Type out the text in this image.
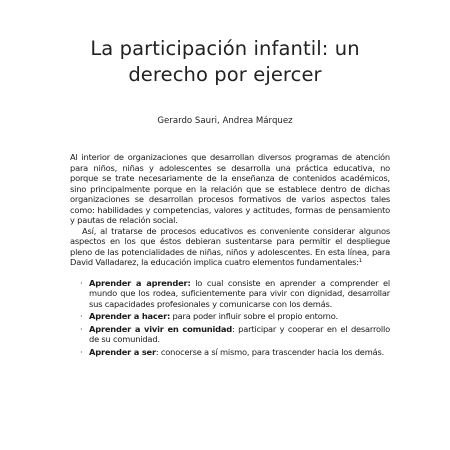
La participación infantil: un
derecho por ejercer
Gerardo Sauri, Andrea Márquez

Al interior de organizaciones que desarrollan diversos programas de atención para niños, niñas y adolescentes se desarrolla una práctica educativa, no porque se trate necesariamente de la enseñanza de contenidos académicos, sino principalmente porque en la relación que se establece dentro de dichas organizaciones se desarrollan procesos formativos de varios aspectos tales como: habilidades y competencias, valores y actitudes, formas de pensamiento y pautas de relación social.

Así, al tratarse de procesos educativos es conveniente considerar algunos aspectos en los que éstos debieran sustentarse para permitir el despliegue pleno de las potencialidades de niñas, niños y adolescentes. En esta línea, para David Valladarez, la educación implica cuatro elementos fundamentales:¹

· Aprender a aprender: lo cual consiste en aprender a comprender el mundo que los rodea, suficientemente para vivir con dignidad, desarrollar sus capacidades profesionales y comunicarse con los demás.
· Aprender a hacer: para poder influir sobre el propio entorno.
· Aprender a vivir en comunidad: participar y cooperar en el desarrollo de su comunidad.
· Aprender a ser: conocerse a sí mismo, para trascender hacia los demás.
